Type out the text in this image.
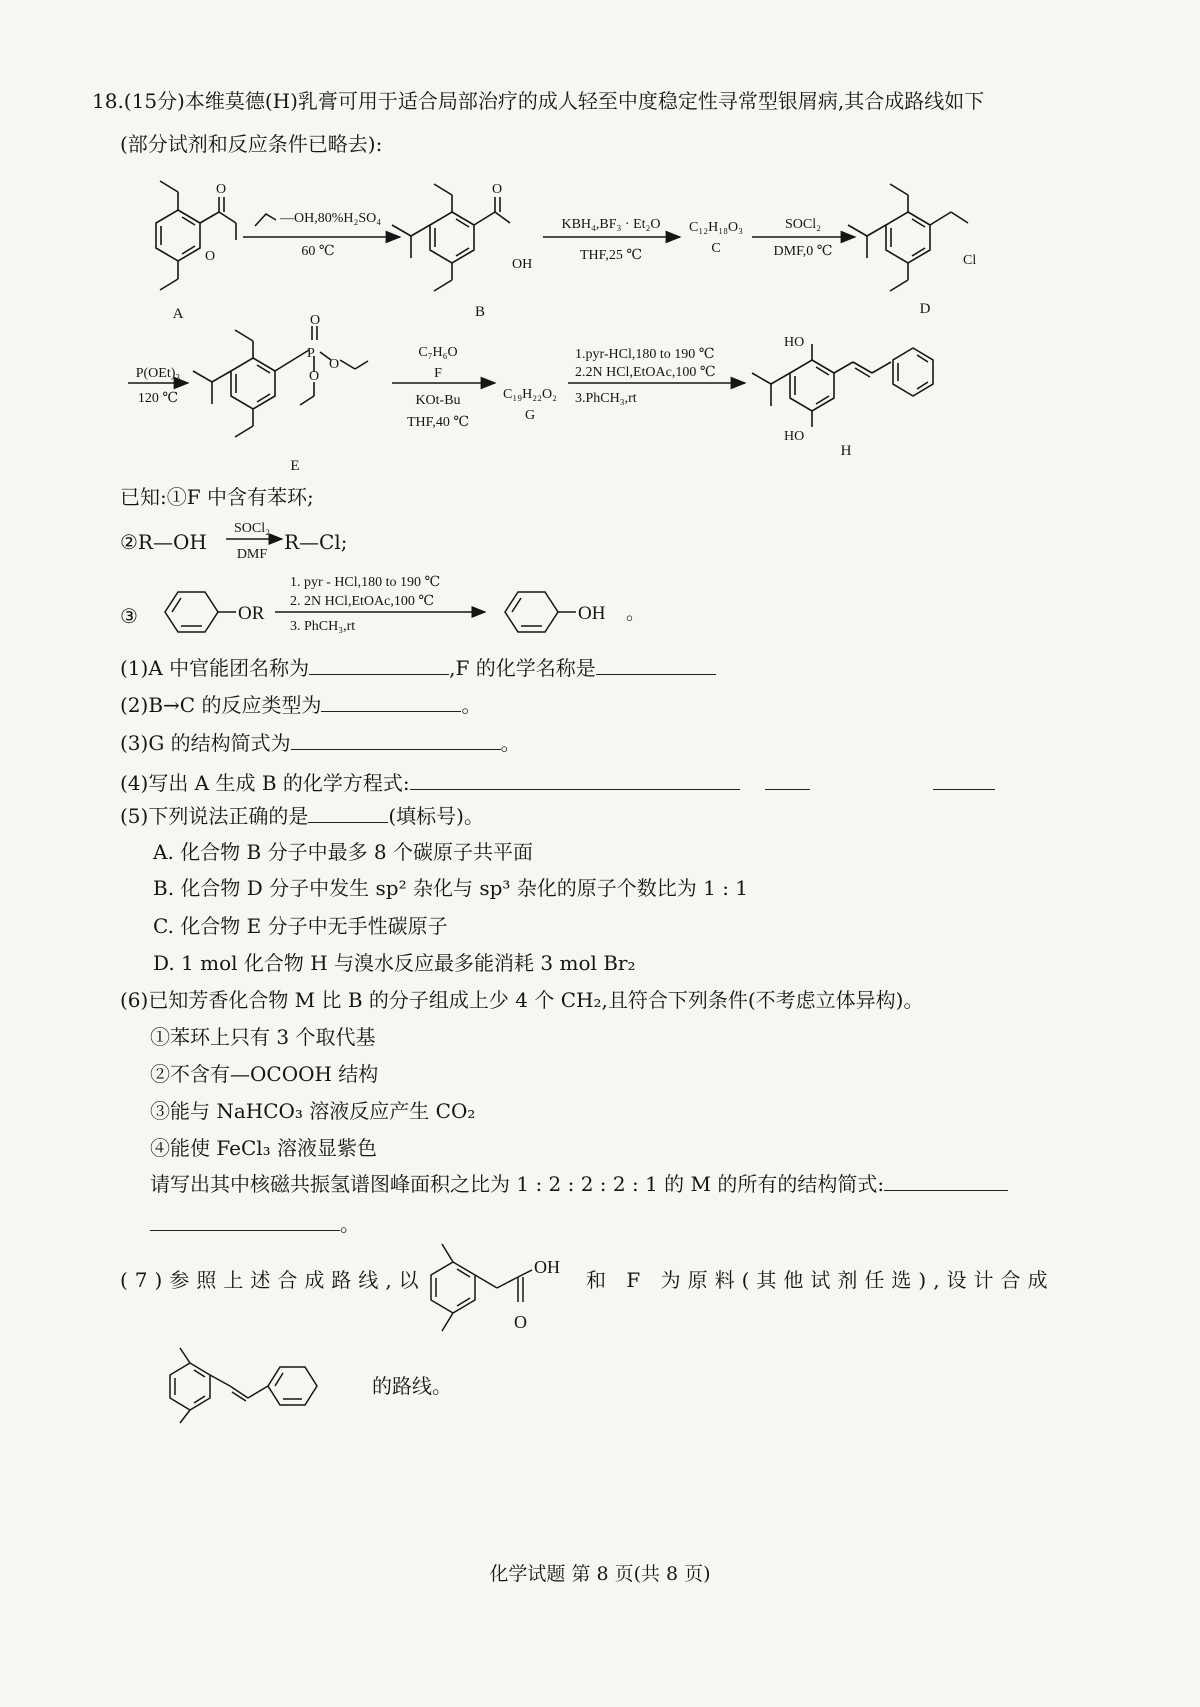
18.(15分)本维莫德(H)乳膏可用于适合局部治疗的成人轻至中度稳定性寻常型银屑病,其合成路线如下
(部分试剂和反应条件已略去):
A	B	D
E
H
O
O	O
OH	Cl
P
O
O
O
HO
HO
—OH,80%H₂SO₄
60 ℃
KBH₄,BF₃ · Et₂O
THF,25 ℃
C₁₂H₁₈O₃
C
SOCl₂
DMF,0 ℃
P(OEt)₃
120 ℃
C₇H₆O
F
KOt-Bu
THF,40 ℃
C₁₉H₂₂O₂
G
1.pyr-HCl,180 to 190 ℃
2.2N HCl,EtOAc,100 ℃
3.PhCH₃,rt
已知:①F 中含有苯环;
②R—OH
SOCl₂
DMF
R—Cl;
③	OR
1. pyr - HCl,180 to 190 ℃
2. 2N HCl,EtOAc,100 ℃
3. PhCH₃,rt
OH 。
(1)A 中官能团名称为	,F 的化学名称是
(2)B→C 的反应类型为	。
(3)G 的结构简式为	。
(4)写出 A 生成 B 的化学方程式:
(5)下列说法正确的是	(填标号)。
A. 化合物 B 分子中最多 8 个碳原子共平面
B. 化合物 D 分子中发生 sp² 杂化与 sp³ 杂化的原子个数比为 1 : 1
C. 化合物 E 分子中无手性碳原子
D. 1 mol 化合物 H 与溴水反应最多能消耗 3 mol Br₂
(6)已知芳香化合物 M 比 B 的分子组成上少 4 个 CH₂,且符合下列条件(不考虑立体异构)。
①苯环上只有 3 个取代基
②不含有—OCOOH 结构
③能与 NaHCO₃ 溶液反应产生 CO₂
④能使 FeCl₃ 溶液显紫色
请写出其中核磁共振氢谱图峰面积之比为 1 : 2 : 2 : 2 : 1 的 M 的所有的结构简式:
。
(7)参照上述合成路线,以
OH
O
和 F 为原料(其他试剂任选),设计合成
的路线。
化学试题 第 8 页(共 8 页)
